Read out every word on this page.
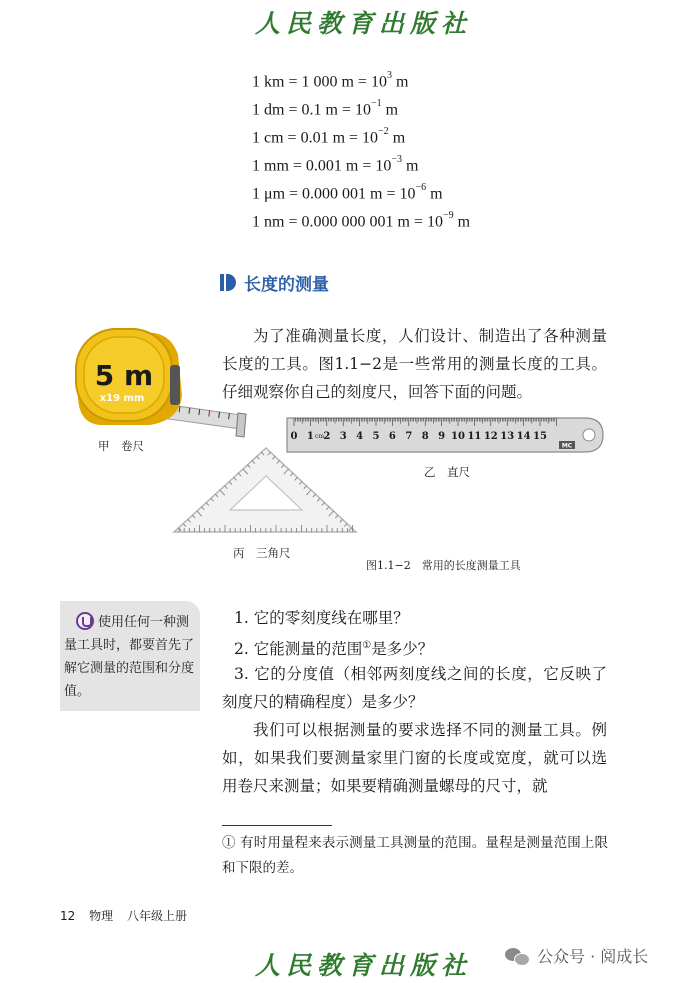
人民教育出版社
1 km = 1 000 $m = 10^3$ m
1 dm = 0.1 $m = 10^{-1}$ m
1 cm = 0.01 $m = 10^{-2}$ m
1 mm = 0.001 $m = 10^{-3}$ m
1 μm = 0.000 001 $m = 10^{-6}$ m
1 nm = 0.000 000 001 $m = 10^{-9}$ m
长度的测量
为了准确测量长度，人们设计、制造出了各种测量长度的工具。图1.1−2是一些常用的测量长度的工具。仔细观察你自己的刻度尺，回答下面的问题。
5 m
x19 mm
甲　卷尺
0 1 2 3 4 5 6 7 8 9 10 11 12 13 14 15
cm
MC
乙　直尺
丙　三角尺
图1.1−2　常用的长度测量工具
使用任何一种测量工具时，都要首先了解它测量的范围和分度值。
1. 它的零刻度线在哪里？
2. 它能测量的范围①是多少？
3. 它的分度值（相邻两刻度线之间的长度，它反映了刻度尺的精确程度）是多少？
我们可以根据测量的要求选择不同的测量工具。例如，如果我们要测量家里门窗的长度或宽度，就可以选用卷尺来测量；如果要精确测量螺母的尺寸，就
① 有时用量程来表示测量工具测量的范围。量程是测量范围上限和下限的差。
12 物理 八年级上册
人民教育出版社	公众号 · 阅成长
